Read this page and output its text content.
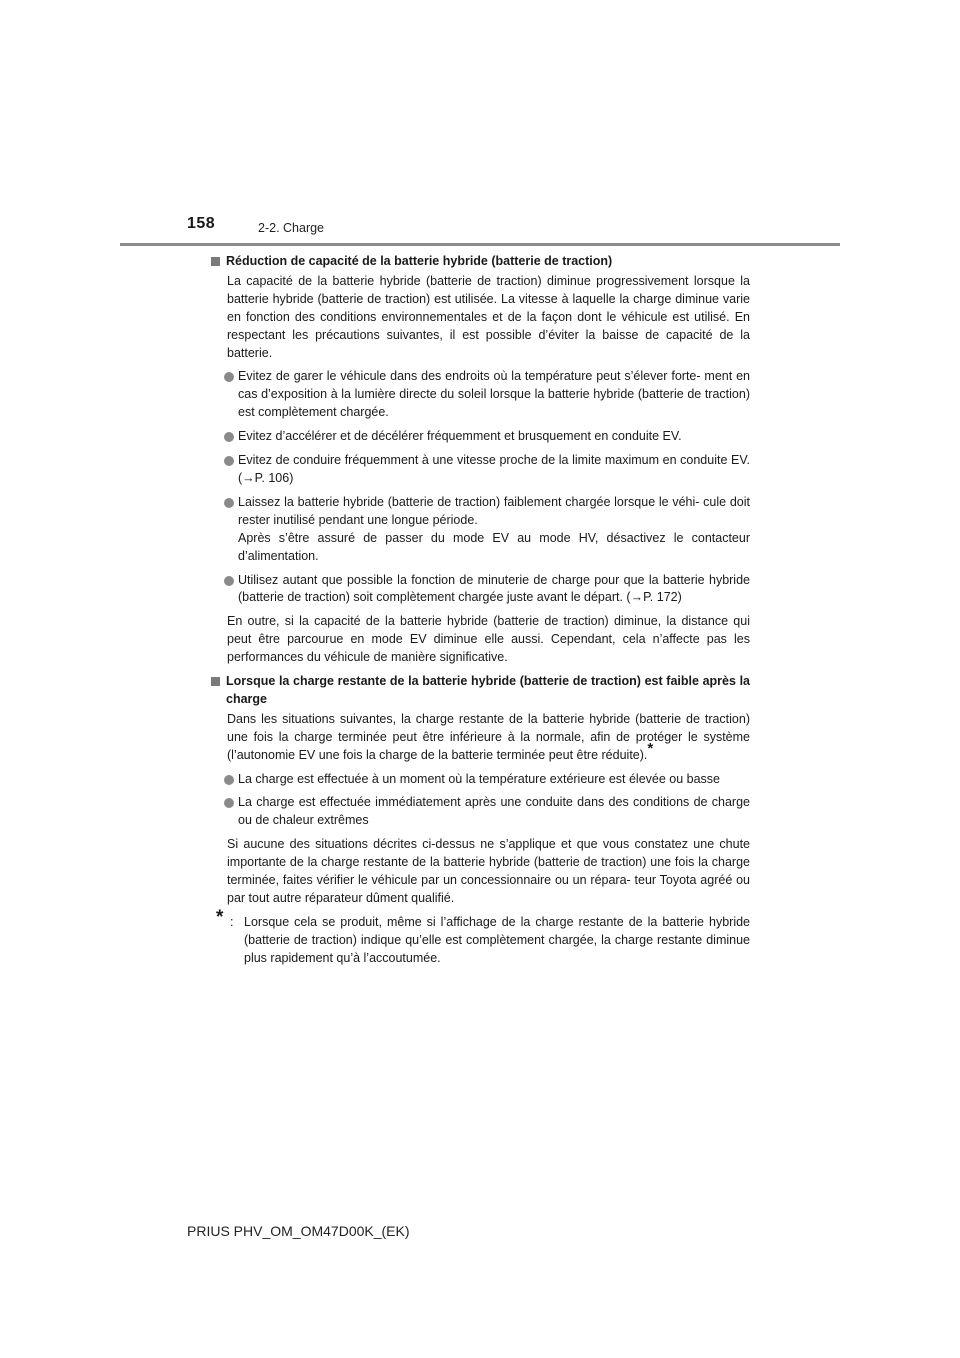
158	2-2. Charge
Réduction de capacité de la batterie hybride (batterie de traction)

La capacité de la batterie hybride (batterie de traction) diminue progressivement lorsque la batterie hybride (batterie de traction) est utilisée. La vitesse à laquelle la charge diminue varie en fonction des conditions environnementales et de la façon dont le véhicule est utilisé. En respectant les précautions suivantes, il est possible d’éviter la baisse de capacité de la batterie.

Evitez de garer le véhicule dans des endroits où la température peut s’élever forte- ment en cas d’exposition à la lumière directe du soleil lorsque la batterie hybride (batterie de traction) est complètement chargée.
Evitez d’accélérer et de décélérer fréquemment et brusquement en conduite EV.
Evitez de conduire fréquemment à une vitesse proche de la limite maximum en conduite EV. (→P. 106)
Laissez la batterie hybride (batterie de traction) faiblement chargée lorsque le véhi- cule doit rester inutilisé pendant une longue période.
Après s’être assuré de passer du mode EV au mode HV, désactivez le contacteur d’alimentation.
Utilisez autant que possible la fonction de minuterie de charge pour que la batterie hybride (batterie de traction) soit complètement chargée juste avant le départ. (→P. 172)

En outre, si la capacité de la batterie hybride (batterie de traction) diminue, la distance qui peut être parcourue en mode EV diminue elle aussi. Cependant, cela n’affecte pas les performances du véhicule de manière significative.

Lorsque la charge restante de la batterie hybride (batterie de traction) est faible après la charge

Dans les situations suivantes, la charge restante de la batterie hybride (batterie de traction) une fois la charge terminée peut être inférieure à la normale, afin de protéger le système (l’autonomie EV une fois la charge de la batterie terminée peut être réduite).*

La charge est effectuée à un moment où la température extérieure est élevée ou basse
La charge est effectuée immédiatement après une conduite dans des conditions de charge ou de chaleur extrêmes

Si aucune des situations décrites ci-dessus ne s’applique et que vous constatez une chute importante de la charge restante de la batterie hybride (batterie de traction) une fois la charge terminée, faites vérifier le véhicule par un concessionnaire ou un répara- teur Toyota agréé ou par tout autre réparateur dûment qualifié.

* : Lorsque cela se produit, même si l’affichage de la charge restante de la batterie hybride (batterie de traction) indique qu’elle est complètement chargée, la charge restante diminue plus rapidement qu’à l’accoutumée.
PRIUS PHV_OM_OM47D00K_(EK)
